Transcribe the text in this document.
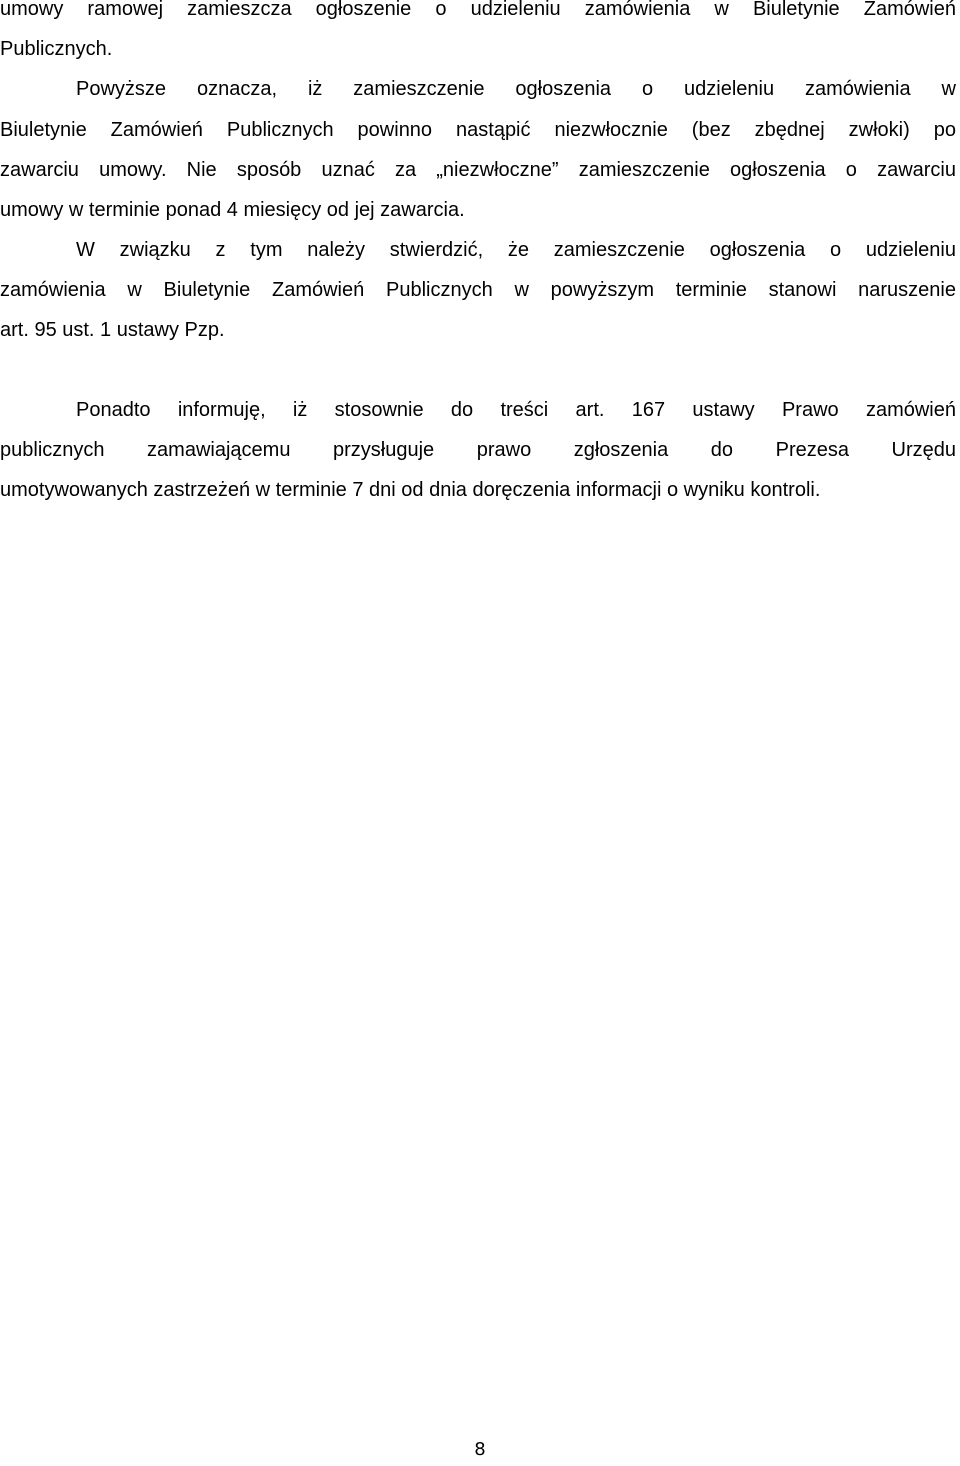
umowy ramowej zamieszcza ogłoszenie o udzieleniu zamówienia w Biuletynie Zamówień
Publicznych.
Powyższe oznacza, iż zamieszczenie ogłoszenia o udzieleniu zamówienia w
Biuletynie Zamówień Publicznych powinno nastąpić niezwłocznie (bez zbędnej zwłoki) po
zawarciu umowy. Nie sposób uznać za „niezwłoczne” zamieszczenie ogłoszenia o zawarciu
umowy w terminie ponad 4 miesięcy od jej zawarcia.
W związku z tym należy stwierdzić, że zamieszczenie ogłoszenia o udzieleniu
zamówienia w Biuletynie Zamówień Publicznych w powyższym terminie stanowi naruszenie
art. 95 ust. 1 ustawy Pzp.
Ponadto informuję, iż stosownie do treści art. 167 ustawy Prawo zamówień
publicznych zamawiającemu przysługuje prawo zgłoszenia do Prezesa Urzędu
umotywowanych zastrzeżeń w terminie 7 dni od dnia doręczenia informacji o wyniku kontroli.
8
